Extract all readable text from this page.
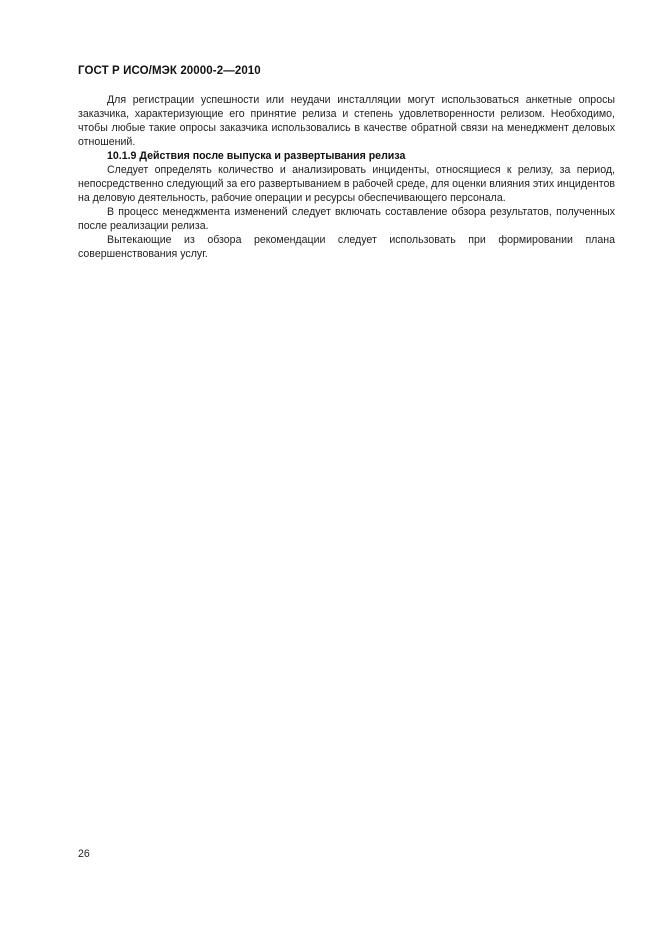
ГОСТ Р ИСО/МЭК 20000-2—2010

Для регистрации успешности или неудачи инсталляции могут использоваться анкетные опросы заказчика, характеризующие его принятие релиза и степень удовлетворенности релизом. Необходимо, чтобы любые такие опросы заказчика использовались в качестве обратной связи на менеджмент деловых отношений.

10.1.9 Действия после выпуска и развертывания релиза

Следует определять количество и анализировать инциденты, относящиеся к релизу, за период, непосредственно следующий за его развертыванием в рабочей среде, для оценки влияния этих инцидентов на деловую деятельность, рабочие операции и ресурсы обеспечивающего персонала.

В процесс менеджмента изменений следует включать составление обзора результатов, полученных после реализации релиза.

Вытекающие из обзора рекомендации следует использовать при формировании плана совершенствования услуг.

26
